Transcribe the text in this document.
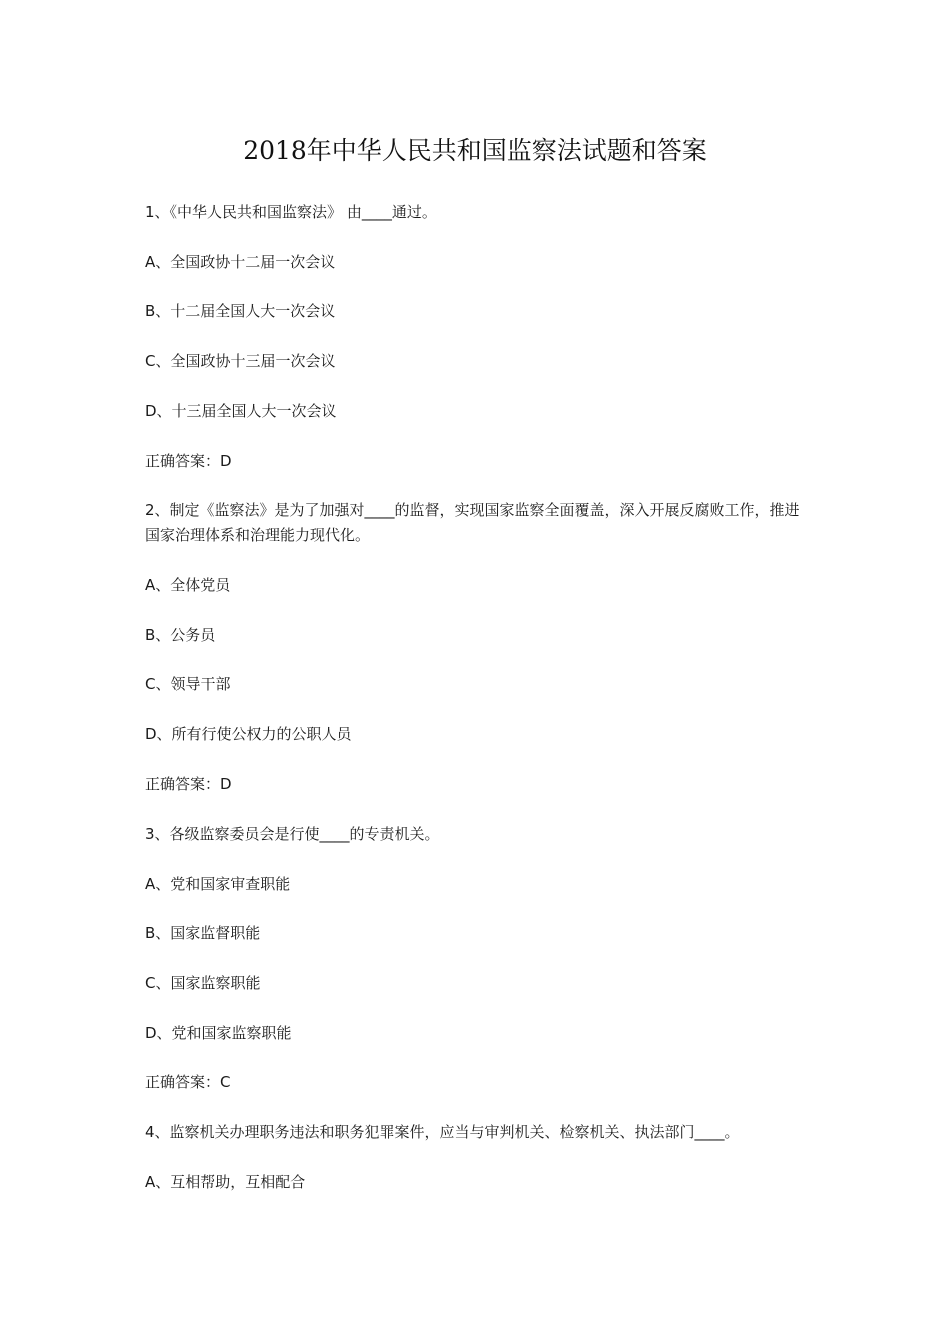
2018年中华人民共和国监察法试题和答案
1、《中华人民共和国监察法》 由____通过。
A、全国政协十二届一次会议
B、十二届全国人大一次会议
C、全国政协十三届一次会议
D、十三届全国人大一次会议
正确答案：D
2、制定《监察法》是为了加强对____的监督，实现国家监察全面覆盖，深入开展反腐败工作，推进国家治理体系和治理能力现代化。
A、全体党员
B、公务员
C、领导干部
D、所有行使公权力的公职人员
正确答案：D
3、各级监察委员会是行使____的专责机关。
A、党和国家审查职能
B、国家监督职能
C、国家监察职能
D、党和国家监察职能
正确答案：C
4、监察机关办理职务违法和职务犯罪案件，应当与审判机关、检察机关、执法部门____。
A、互相帮助，互相配合
